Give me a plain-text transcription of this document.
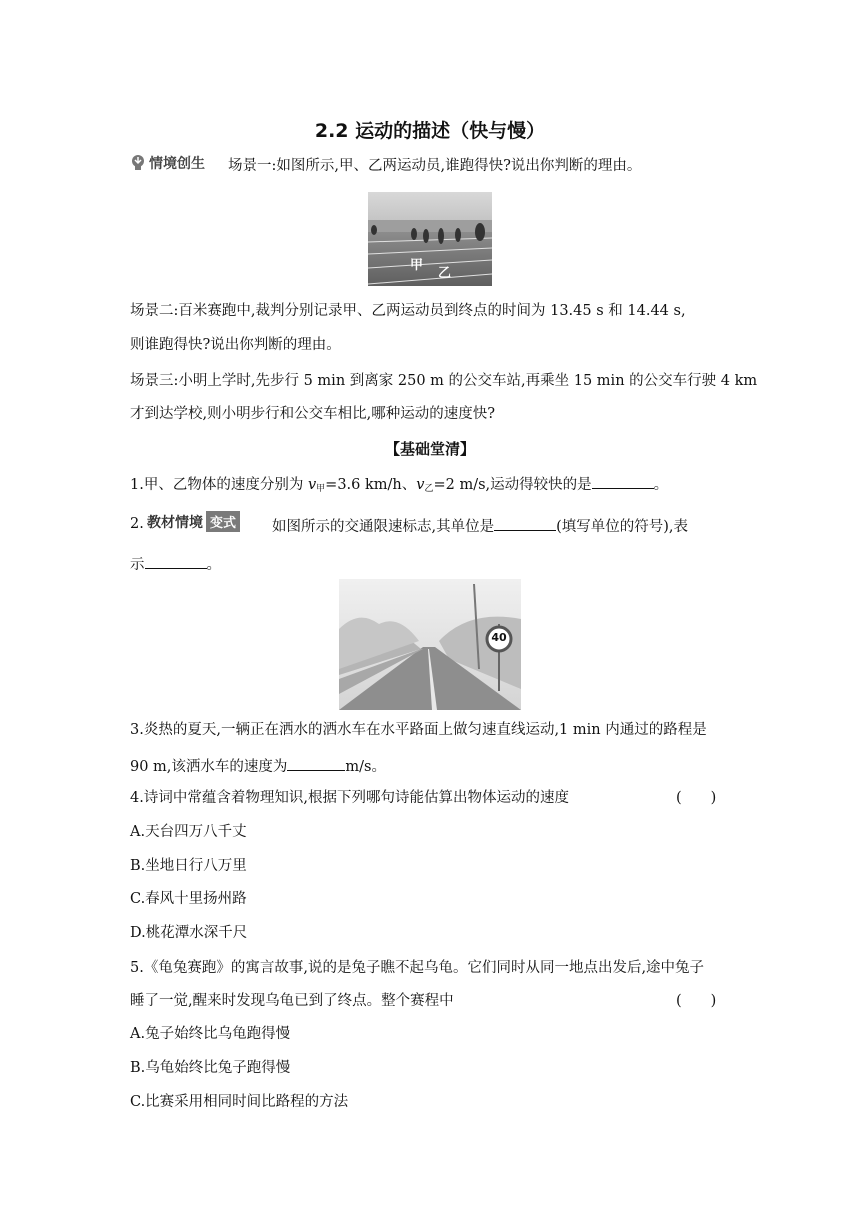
2.2 运动的描述（快与慢）
情境创生 场景一:如图所示,甲、乙两运动员,谁跑得快?说出你判断的理由。
甲
乙
场景二:百米赛跑中,裁判分别记录甲、乙两运动员到终点的时间为 13.45 s 和 14.44 s,
则谁跑得快?说出你判断的理由。
场景三:小明上学时,先步行 5 min 到离家 250 m 的公交车站,再乘坐 15 min 的公交车行驶 4 km
才到达学校,则小明步行和公交车相比,哪种运动的速度快?
【基础堂清】
1.甲、乙物体的速度分别为 $v_甲=3.6$ km/h、$v_乙=2$ m/s,运动得较快的是	。
2. 教材情境 变式 如图所示的交通限速标志,其单位是	(填写单位的符号),表
示	。
40
3.炎热的夏天,一辆正在洒水的洒水车在水平路面上做匀速直线运动,1 min 内通过的路程是
90 m,该洒水车的速度为	m/s。
4.诗词中常蕴含着物理知识,根据下列哪句诗能估算出物体运动的速度	(　　)
A.天台四万八千丈
B.坐地日行八万里
C.春风十里扬州路
D.桃花潭水深千尺
5.《龟兔赛跑》的寓言故事,说的是兔子瞧不起乌龟。它们同时从同一地点出发后,途中兔子
睡了一觉,醒来时发现乌龟已到了终点。整个赛程中	(　　)
A.兔子始终比乌龟跑得慢
B.乌龟始终比兔子跑得慢
C.比赛采用相同时间比路程的方法
